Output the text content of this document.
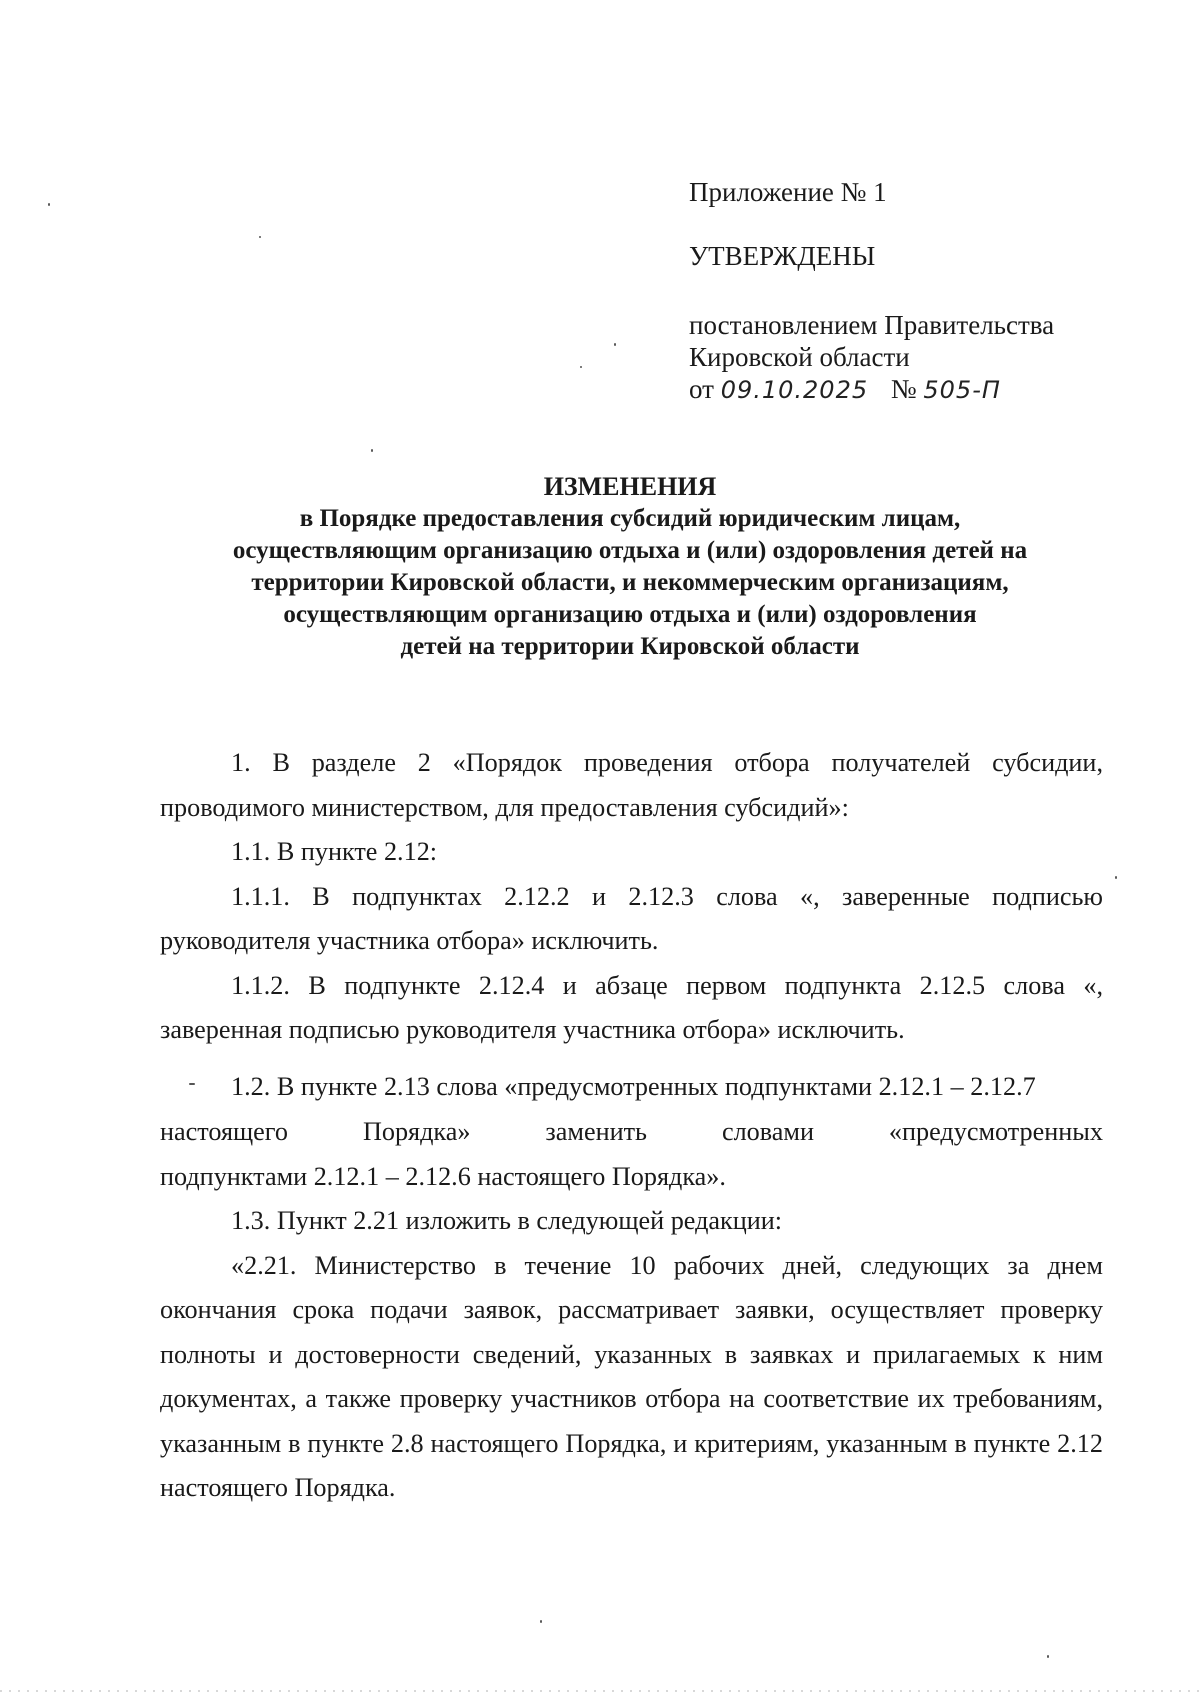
Приложение № 1
УТВЕРЖДЕНЫ
постановлением Правительства
Кировской области
от 09.10.2025 № 505-П
ИЗМЕНЕНИЯ
в Порядке предоставления субсидий юридическим лицам,
осуществляющим организацию отдыха и (или) оздоровления детей на
территории Кировской области, и некоммерческим организациям,
осуществляющим организацию отдыха и (или) оздоровления
детей на территории Кировской области

1. В разделе 2 «Порядок проведения отбора получателей субсидии, проводимого министерством, для предоставления субсидий»:

1.1. В пункте 2.12:

1.1.1. В подпунктах 2.12.2 и 2.12.3 слова «, заверенные подписью руководителя участника отбора» исключить.

1.1.2. В подпункте 2.12.4 и абзаце первом подпункта 2.12.5 слова «, заверенная подписью руководителя участника отбора» исключить.

1.2. В пункте 2.13 слова «предусмотренных подпунктами 2.12.1 – 2.12.7
настоящего	Порядка»	заменить	словами	«предусмотренных
подпунктами 2.12.1 – 2.12.6 настоящего Порядка».

1.3. Пункт 2.21 изложить в следующей редакции:

«2.21. Министерство в течение 10 рабочих дней, следующих за днем окончания срока подачи заявок, рассматривает заявки, осуществляет проверку полноты и достоверности сведений, указанных в заявках и прилагаемых к ним документах, а также проверку участников отбора на соответствие их требованиям, указанным в пункте 2.8 настоящего Порядка, и критериям, указанным в пункте 2.12 настоящего Порядка.
